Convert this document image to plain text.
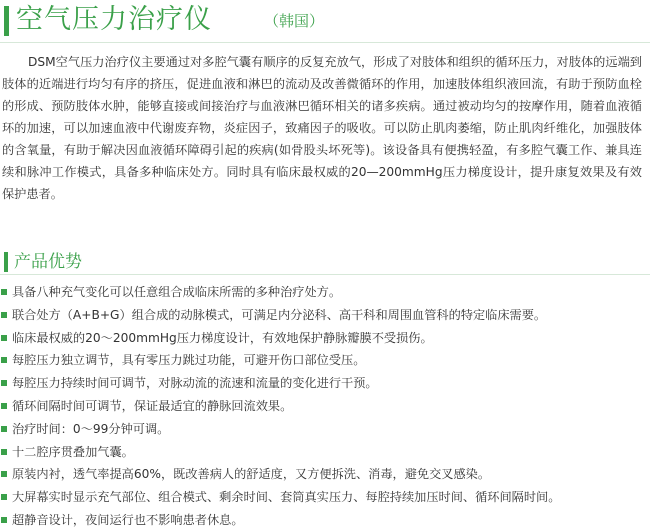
空气压力治疗仪	（韩国）

DSM空气压力治疗仪主要通过对多腔气囊有顺序的反复充放气，形成了对肢体和组织的循环压力，对肢体的远端到肢体的近端进行均匀有序的挤压，促进血液和淋巴的流动及改善微循环的作用，加速肢体组织液回流，有助于预防血栓的形成、预防肢体水肿，能够直接或间接治疗与血液淋巴循环相关的诸多疾病。通过被动均匀的按摩作用，随着血液循环的加速，可以加速血液中代谢废弃物，炎症因子，致痛因子的吸收。可以防止肌肉萎缩，防止肌肉纤维化，加强肢体的含氧量，有助于解决因血液循环障碍引起的疾病(如骨股头坏死等)。该设备具有便携轻盈，有多腔气囊工作、兼具连续和脉冲工作模式，具备多种临床处方。同时具有临床最权威的20—200mmHg压力梯度设计，提升康复效果及有效保护患者。

产品优势
具备八种充气变化可以任意组合成临床所需的多种治疗处方。
联合处方（A+B+G）组合成的动脉模式，可满足内分泌科、高干科和周围血管科的特定临床需要。
临床最权威的20～200mmHg压力梯度设计，有效地保护静脉瓣膜不受损伤。
每腔压力独立调节，具有零压力跳过功能，可避开伤口部位受压。
每腔压力持续时间可调节，对脉动流的流速和流量的变化进行干预。
循环间隔时间可调节，保证最适宜的静脉回流效果。
治疗时间：0～99分钟可调。
十二腔序贯叠加气囊。
原装内衬，透气率提高60%，既改善病人的舒适度，又方便拆洗、消毒，避免交叉感染。
大屏幕实时显示充气部位、组合模式、剩余时间、套筒真实压力、每腔持续加压时间、循环间隔时间。
超静音设计，夜间运行也不影响患者休息。
